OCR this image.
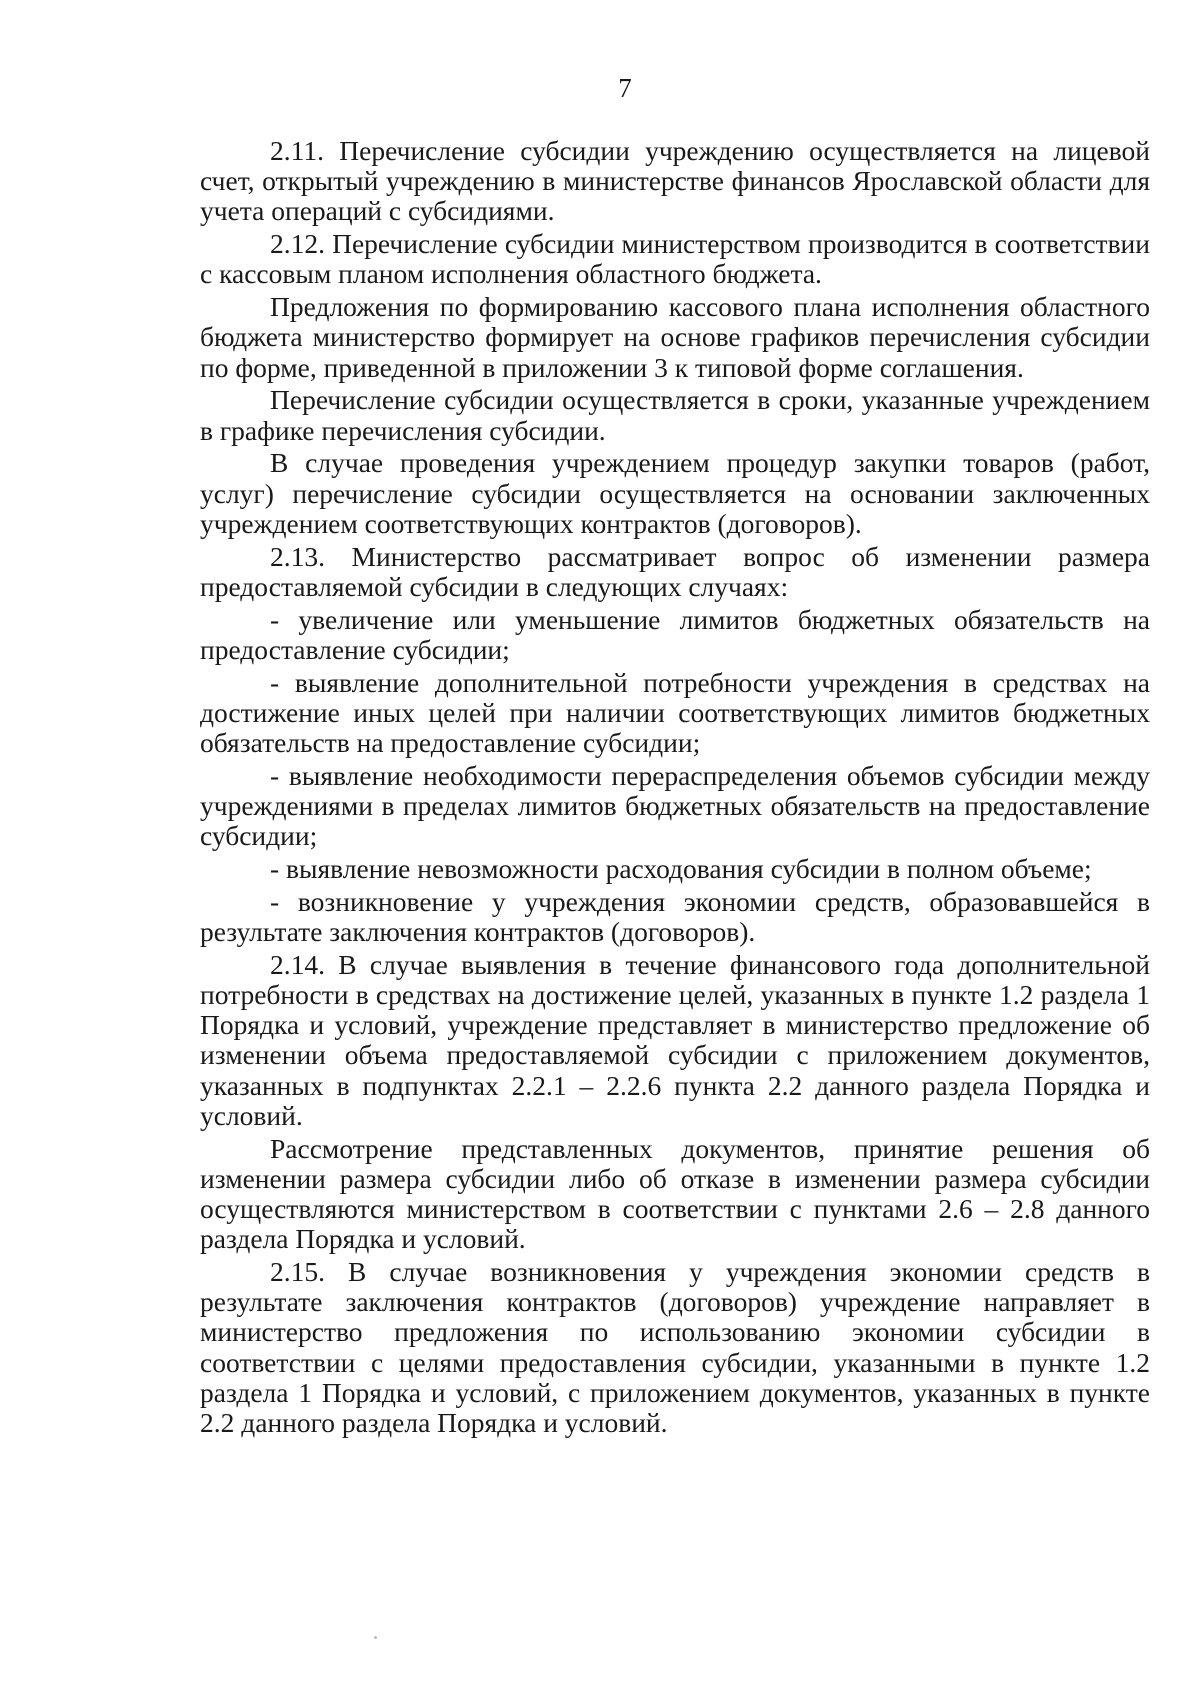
7

2.11. Перечисление субсидии учреждению осуществляется на лицевой счет, открытый учреждению в министерстве финансов Ярославской области для учета операций с субсидиями.

2.12. Перечисление субсидии министерством производится в соответствии с кассовым планом исполнения областного бюджета.

Предложения по формированию кассового плана исполнения областного бюджета министерство формирует на основе графиков перечисления субсидии по форме, приведенной в приложении 3 к типовой форме соглашения.

Перечисление субсидии осуществляется в сроки, указанные учреждением в графике перечисления субсидии.

В случае проведения учреждением процедур закупки товаров (работ, услуг) перечисление субсидии осуществляется на основании заключенных учреждением соответствующих контрактов (договоров).

2.13. Министерство рассматривает вопрос об изменении размера предоставляемой субсидии в следующих случаях:

- увеличение или уменьшение лимитов бюджетных обязательств на предоставление субсидии;

- выявление дополнительной потребности учреждения в средствах на достижение иных целей при наличии соответствующих лимитов бюджетных обязательств на предоставление субсидии;

- выявление необходимости перераспределения объемов субсидии между учреждениями в пределах лимитов бюджетных обязательств на предоставление субсидии;

- выявление невозможности расходования субсидии в полном объеме;

- возникновение у учреждения экономии средств, образовавшейся в результате заключения контрактов (договоров).

2.14. В случае выявления в течение финансового года дополнительной потребности в средствах на достижение целей, указанных в пункте 1.2 раздела 1 Порядка и условий, учреждение представляет в министерство предложение об изменении объема предоставляемой субсидии с приложением документов, указанных в подпунктах 2.2.1 – 2.2.6 пункта 2.2 данного раздела Порядка и условий.

Рассмотрение представленных документов, принятие решения об изменении размера субсидии либо об отказе в изменении размера субсидии осуществляются министерством в соответствии с пунктами 2.6 – 2.8 данного раздела Порядка и условий.

2.15. В случае возникновения у учреждения экономии средств в результате заключения контрактов (договоров) учреждение направляет в министерство предложения по использованию экономии субсидии в соответствии с целями предоставления субсидии, указанными в пункте 1.2 раздела 1 Порядка и условий, с приложением документов, указанных в пункте 2.2 данного раздела Порядка и условий.
